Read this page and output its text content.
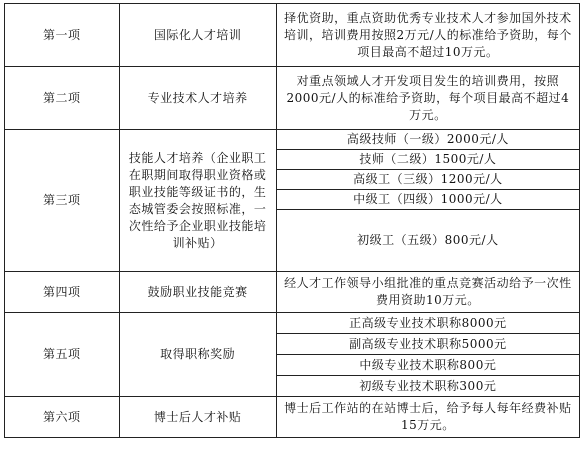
第一项	国际化人才培训	择优资助，重点资助优秀专业技术人才参加国外技术培训，培训费用按照2万元/人的标准给予资助，每个项目最高不超过10万元。
第二项	专业技术人才培养	对重点领域人才开发项目发生的培训费用，按照2000元/人的标准给予资助，每个项目最高不超过4万元。
第三项	技能人才培养（企业职工在职期间取得职业资格或职业技能等级证书的，生态城管委会按照标准，一次性给予企业职业技能培训补贴）	高级技师（一级）2000元/人
		技师（二级）1500元/人
		高级工（三级）1200元/人
		中级工（四级）1000元/人
		初级工（五级）800元/人
第四项	鼓励职业技能竞赛	经人才工作领导小组批准的重点竞赛活动给予一次性费用资助10万元。
第五项	取得职称奖励	正高级专业技术职称8000元
		副高级专业技术职称5000元
		中级专业技术职称800元
		初级专业技术职称300元
第六项	博士后人才补贴	博士后工作站的在站博士后，给予每人每年经费补贴15万元。
